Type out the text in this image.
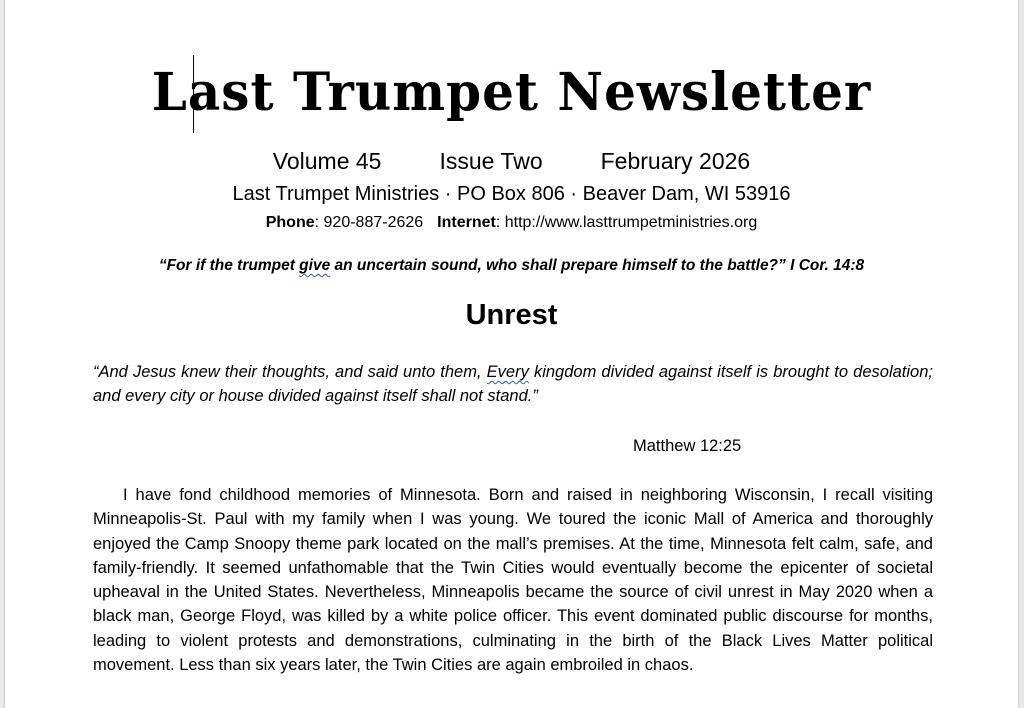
Last Trumpet Newsletter
Volume 45	Issue Two	February 2026
Last Trumpet Ministries · PO Box 806 · Beaver Dam, WI 53916
Phone: 920-887-2626 Internet: http://www.lasttrumpetministries.org
“For if the trumpet give an uncertain sound, who shall prepare himself to the battle?” I Cor. 14:8
Unrest
“And Jesus knew their thoughts, and said unto them, Every kingdom divided against itself is brought to desolation; and every city or house divided against itself shall not stand.”
Matthew 12:25

I have fond childhood memories of Minnesota. Born and raised in neighboring Wisconsin, I recall visiting Minneapolis-St. Paul with my family when I was young. We toured the iconic Mall of America and thoroughly enjoyed the Camp Snoopy theme park located on the mall’s premises. At the time, Minnesota felt calm, safe, and family-friendly. It seemed unfathomable that the Twin Cities would eventually become the epicenter of societal upheaval in the United States. Nevertheless, Minneapolis became the source of civil unrest in May 2020 when a black man, George Floyd, was killed by a white police officer. This event dominated public discourse for months, leading to violent protests and demonstrations, culminating in the birth of the Black Lives Matter political movement. Less than six years later, the Twin Cities are again embroiled in chaos.
